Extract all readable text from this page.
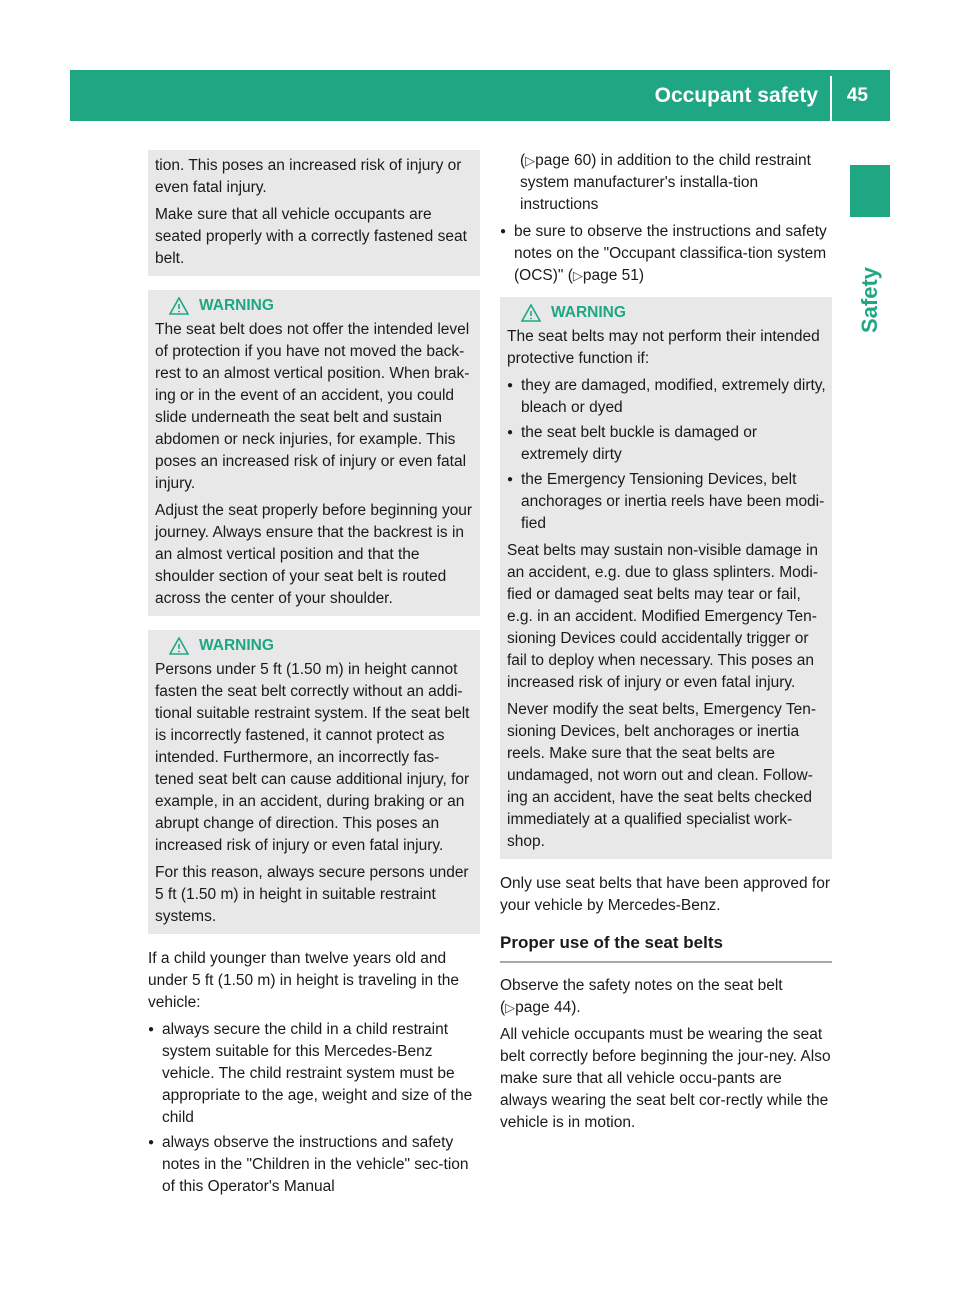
Occupant safety 45
Safety

tion. This poses an increased risk of injury or even fatal injury.

Make sure that all vehicle occupants are seated properly with a correctly fastened seat belt.

WARNING

The seat belt does not offer the intended level of protection if you have not moved the back-rest to an almost vertical position. When brak-ing or in the event of an accident, you could slide underneath the seat belt and sustain abdomen or neck injuries, for example. This poses an increased risk of injury or even fatal injury.

Adjust the seat properly before beginning your journey. Always ensure that the backrest is in an almost vertical position and that the shoulder section of your seat belt is routed across the center of your shoulder.

WARNING

Persons under 5 ft (1.50 m) in height cannot fasten the seat belt correctly without an addi-tional suitable restraint system. If the seat belt is incorrectly fastened, it cannot protect as intended. Furthermore, an incorrectly fas-tened seat belt can cause additional injury, for example, in an accident, during braking or an abrupt change of direction. This poses an increased risk of injury or even fatal injury.

For this reason, always secure persons under 5 ft (1.50 m) in height in suitable restraint systems.

If a child younger than twelve years old and under 5 ft (1.50 m) in height is traveling in the vehicle:

● always secure the child in a child restraint system suitable for this Mercedes-Benz vehicle. The child restraint system must be appropriate to the age, weight and size of the child
● always observe the instructions and safety notes in the "Children in the vehicle" sec-tion of this Operator's Manual

(▷page 60) in addition to the child restraint system manufacturer's installa-tion instructions

● be sure to observe the instructions and safety notes on the "Occupant classifica-tion system (OCS)" (▷page 51)
WARNING

The seat belts may not perform their intended protective function if:

● they are damaged, modified, extremely dirty, bleach or dyed
● the seat belt buckle is damaged or extremely dirty
● the Emergency Tensioning Devices, belt anchorages or inertia reels have been modi-fied

Seat belts may sustain non-visible damage in an accident, e.g. due to glass splinters. Modi-fied or damaged seat belts may tear or fail, e.g. in an accident. Modified Emergency Ten-sioning Devices could accidentally trigger or fail to deploy when necessary. This poses an increased risk of injury or even fatal injury.

Never modify the seat belts, Emergency Ten-sioning Devices, belt anchorages or inertia reels. Make sure that the seat belts are undamaged, not worn out and clean. Follow-ing an accident, have the seat belts checked immediately at a qualified specialist work-shop.

Only use seat belts that have been approved for your vehicle by Mercedes-Benz.

Proper use of the seat belts

Observe the safety notes on the seat belt (▷page 44).

All vehicle occupants must be wearing the seat belt correctly before beginning the jour-ney. Also make sure that all vehicle occu-pants are always wearing the seat belt cor-rectly while the vehicle is in motion.
